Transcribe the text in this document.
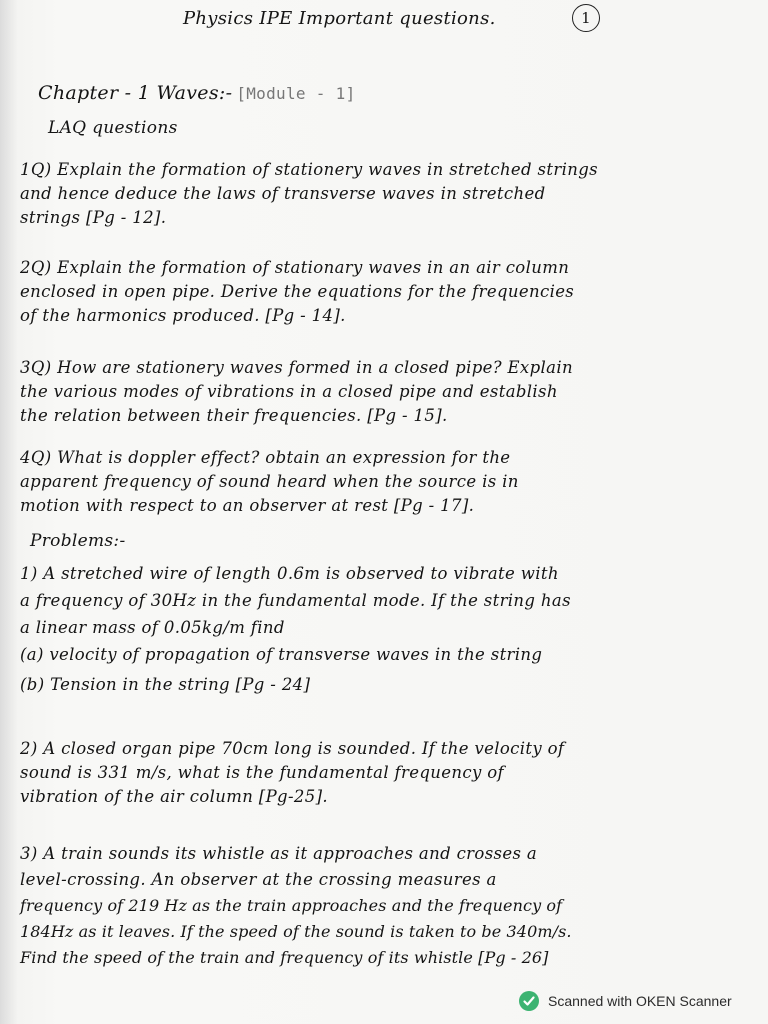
Physics IPE Important questions.	1
Chapter - 1 Waves:- [Module - 1]
LAQ questions
1Q) Explain the formation of stationery waves in stretched strings
and hence deduce the laws of transverse waves in stretched
strings [Pg - 12].
2Q) Explain the formation of stationary waves in an air column
enclosed in open pipe. Derive the equations for the frequencies
of the harmonics produced. [Pg - 14].
3Q) How are stationery waves formed in a closed pipe? Explain
the various modes of vibrations in a closed pipe and establish
the relation between their frequencies. [Pg - 15].
4Q) What is doppler effect? obtain an expression for the
apparent frequency of sound heard when the source is in
motion with respect to an observer at rest [Pg - 17].
Problems:-
1) A stretched wire of length 0.6m is observed to vibrate with
a frequency of 30Hz in the fundamental mode. If the string has
a linear mass of 0.05kg/m find
(a) velocity of propagation of transverse waves in the string
(b) Tension in the string [Pg - 24]
2) A closed organ pipe 70cm long is sounded. If the velocity of
sound is 331 m/s, what is the fundamental frequency of
vibration of the air column [Pg-25].
3) A train sounds its whistle as it approaches and crosses a
level-crossing. An observer at the crossing measures a
frequency of 219 Hz as the train approaches and the frequency of
184Hz as it leaves. If the speed of the sound is taken to be 340m/s.
Find the speed of the train and frequency of its whistle [Pg - 26]
Scanned with OKEN Scanner
